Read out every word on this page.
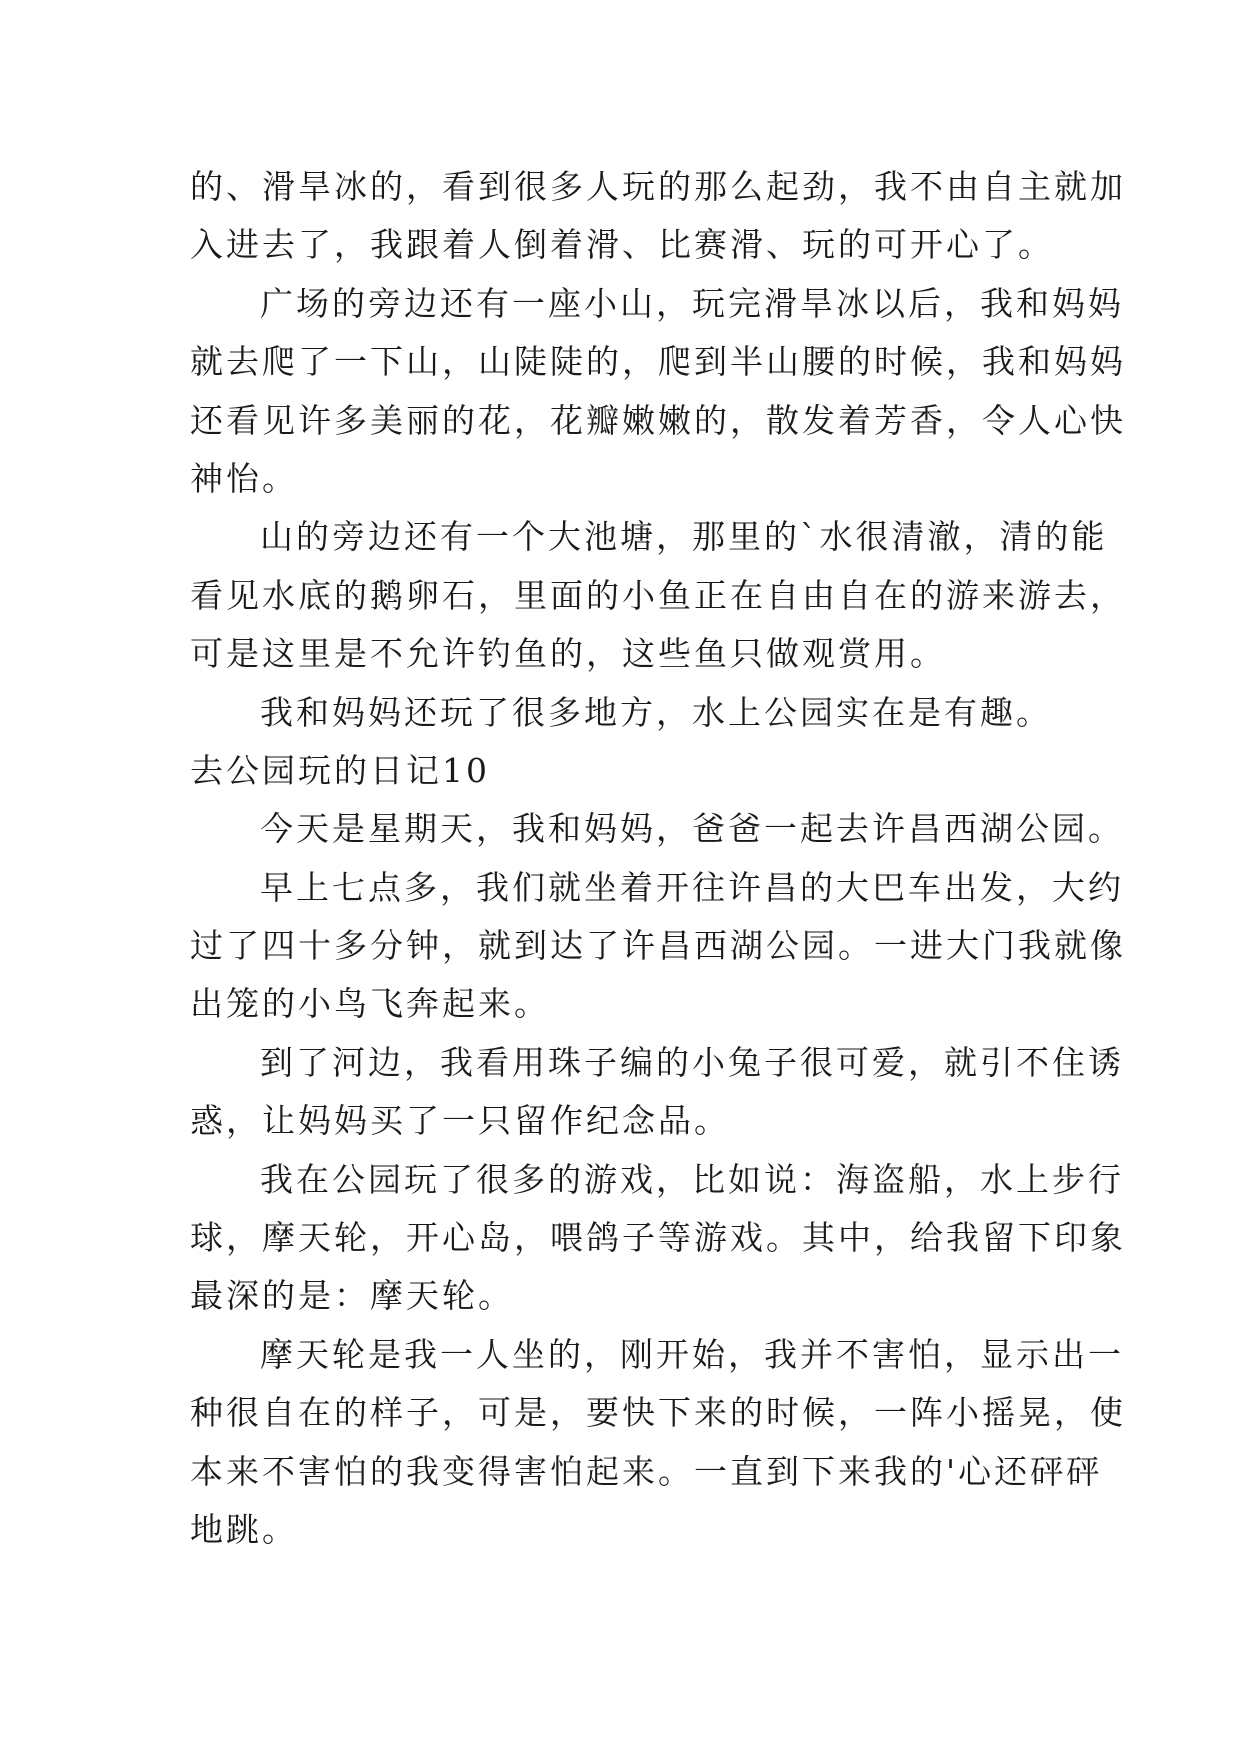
的、滑旱冰的，看到很多人玩的那么起劲，我不由自主就加
入进去了，我跟着人倒着滑、比赛滑、玩的可开心了。
广场的旁边还有一座小山，玩完滑旱冰以后，我和妈妈
就去爬了一下山，山陡陡的，爬到半山腰的时候，我和妈妈
还看见许多美丽的花，花瓣嫩嫩的，散发着芳香，令人心快
神怡。
山的旁边还有一个大池塘，那里的`水很清澈，清的能
看见水底的鹅卵石，里面的小鱼正在自由自在的游来游去，
可是这里是不允许钓鱼的，这些鱼只做观赏用。
我和妈妈还玩了很多地方，水上公园实在是有趣。
去公园玩的日记10
今天是星期天，我和妈妈，爸爸一起去许昌西湖公园。
早上七点多，我们就坐着开往许昌的大巴车出发，大约
过了四十多分钟，就到达了许昌西湖公园。一进大门我就像
出笼的小鸟飞奔起来。
到了河边，我看用珠子编的小兔子很可爱，就引不住诱
惑，让妈妈买了一只留作纪念品。
我在公园玩了很多的游戏，比如说：海盗船，水上步行
球，摩天轮，开心岛，喂鸽子等游戏。其中，给我留下印象
最深的是：摩天轮。
摩天轮是我一人坐的，刚开始，我并不害怕，显示出一
种很自在的样子，可是，要快下来的时候，一阵小摇晃，使
本来不害怕的我变得害怕起来。一直到下来我的'心还砰砰
地跳。
